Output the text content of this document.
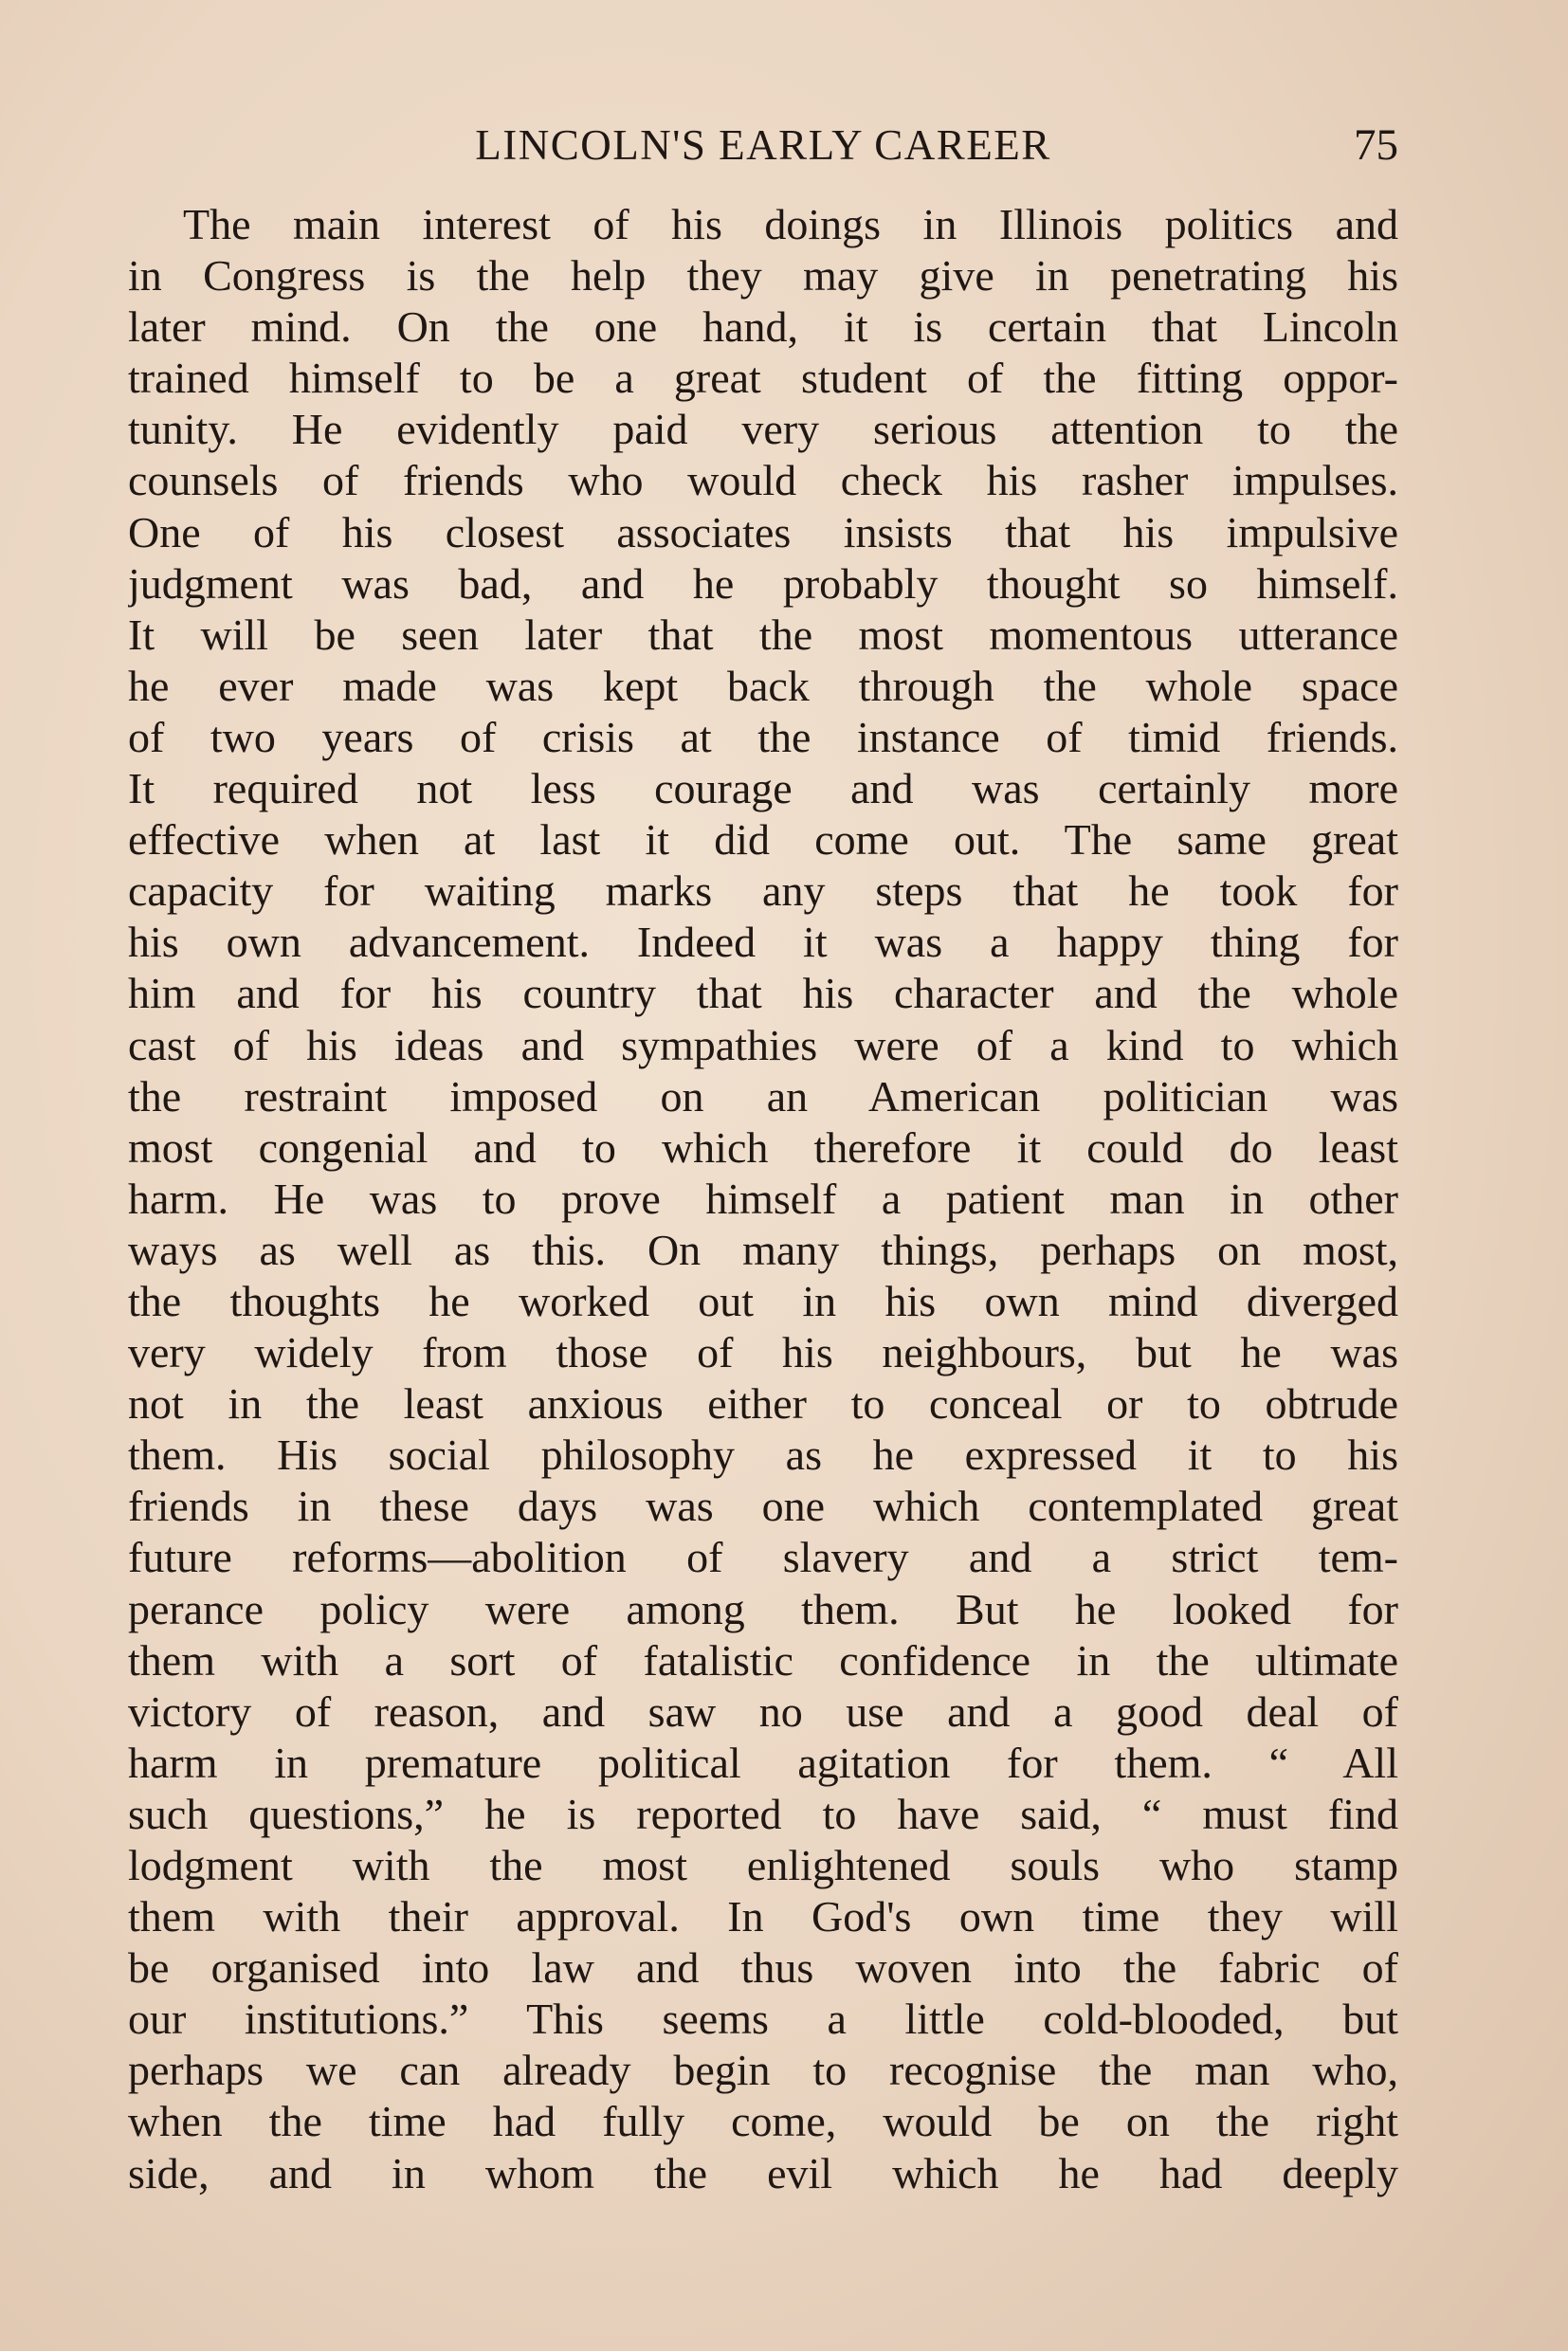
LINCOLN'S EARLY CAREER	75
The main interest of his doings in Illinois politics and
in Congress is the help they may give in penetrating his
later mind. On the one hand, it is certain that Lincoln
trained himself to be a great student of the fitting oppor-
tunity. He evidently paid very serious attention to the
counsels of friends who would check his rasher impulses.
One of his closest associates insists that his impulsive
judgment was bad, and he probably thought so himself.
It will be seen later that the most momentous utterance
he ever made was kept back through the whole space
of two years of crisis at the instance of timid friends.
It required not less courage and was certainly more
effective when at last it did come out. The same great
capacity for waiting marks any steps that he took for
his own advancement. Indeed it was a happy thing for
him and for his country that his character and the whole
cast of his ideas and sympathies were of a kind to which
the restraint imposed on an American politician was
most congenial and to which therefore it could do least
harm. He was to prove himself a patient man in other
ways as well as this. On many things, perhaps on most,
the thoughts he worked out in his own mind diverged
very widely from those of his neighbours, but he was
not in the least anxious either to conceal or to obtrude
them. His social philosophy as he expressed it to his
friends in these days was one which contemplated great
future reforms—abolition of slavery and a strict tem-
perance policy were among them. But he looked for
them with a sort of fatalistic confidence in the ultimate
victory of reason, and saw no use and a good deal of
harm in premature political agitation for them. “ All
such questions,” he is reported to have said, “ must find
lodgment with the most enlightened souls who stamp
them with their approval. In God's own time they will
be organised into law and thus woven into the fabric of
our institutions.” This seems a little cold-blooded, but
perhaps we can already begin to recognise the man who,
when the time had fully come, would be on the right
side, and in whom the evil which he had deeply
